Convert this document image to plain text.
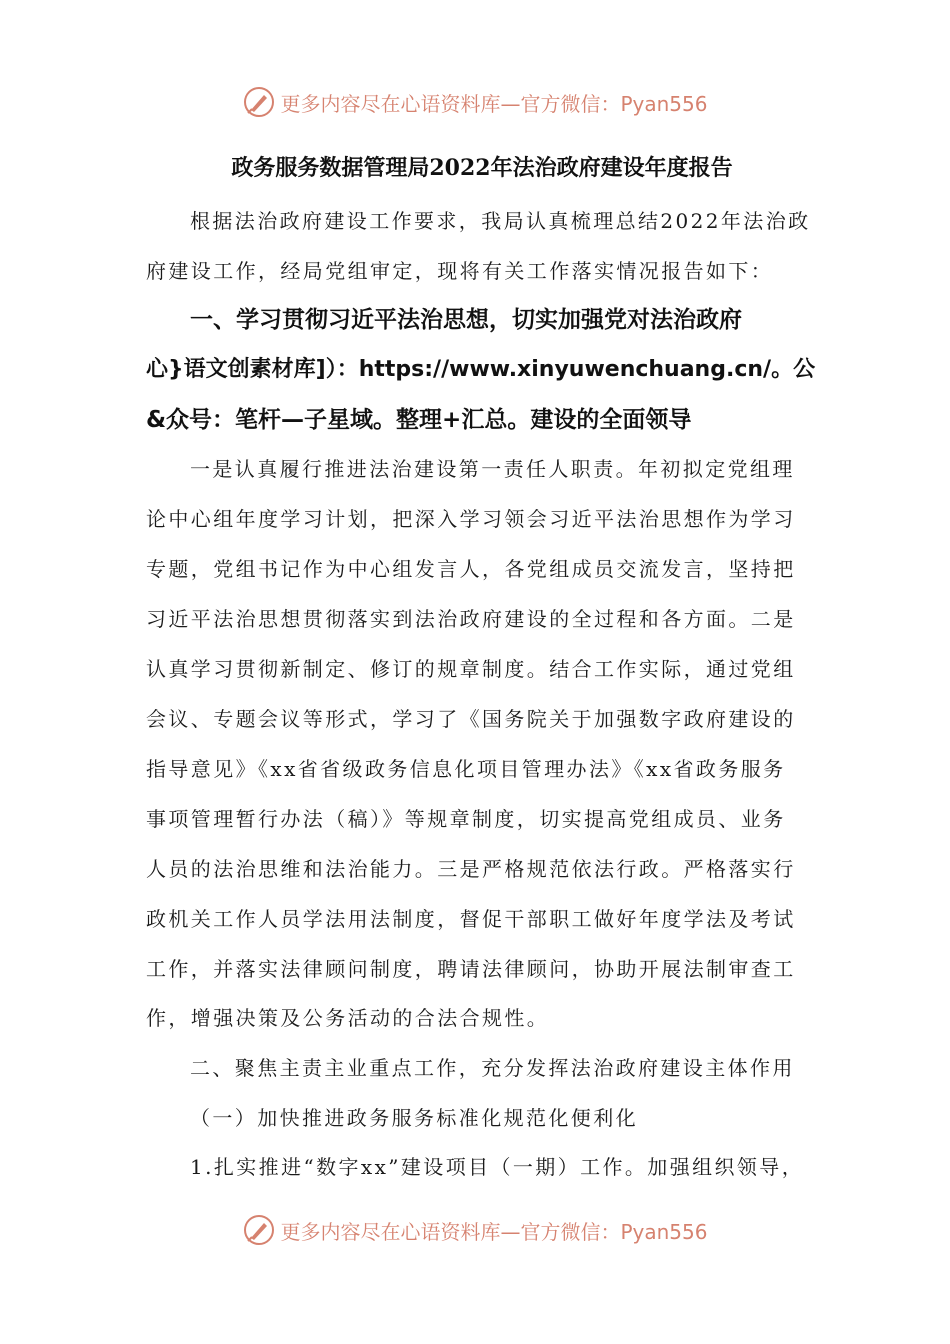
更多内容尽在心语资料库—官方微信：Pyan556
政务服务数据管理局2022年法治政府建设年度报告
根据法治政府建设工作要求，我局认真梳理总结2022年法治政
府建设工作，经局党组审定，现将有关工作落实情况报告如下：
一、学习贯彻习近平法治思想，切实加强党对法治政府
心}语文创素材库]）：https://www.xinyuwenchuang.cn/。公
&众号：笔杆—子星域。整理+汇总。建设的全面领导
一是认真履行推进法治建设第一责任人职责。年初拟定党组理
论中心组年度学习计划，把深入学习领会习近平法治思想作为学习
专题，党组书记作为中心组发言人，各党组成员交流发言，坚持把
习近平法治思想贯彻落实到法治政府建设的全过程和各方面。二是
认真学习贯彻新制定、修订的规章制度。结合工作实际，通过党组
会议、专题会议等形式，学习了《国务院关于加强数字政府建设的
指导意见》《xx省省级政务信息化项目管理办法》《xx省政务服务
事项管理暂行办法（稿）》等规章制度，切实提高党组成员、业务
人员的法治思维和法治能力。三是严格规范依法行政。严格落实行
政机关工作人员学法用法制度，督促干部职工做好年度学法及考试
工作，并落实法律顾问制度，聘请法律顾问，协助开展法制审查工
作，增强决策及公务活动的合法合规性。
二、聚焦主责主业重点工作，充分发挥法治政府建设主体作用
（一）加快推进政务服务标准化规范化便利化
1.扎实推进“数字xx”建设项目（一期）工作。加强组织领导，
更多内容尽在心语资料库—官方微信：Pyan556
